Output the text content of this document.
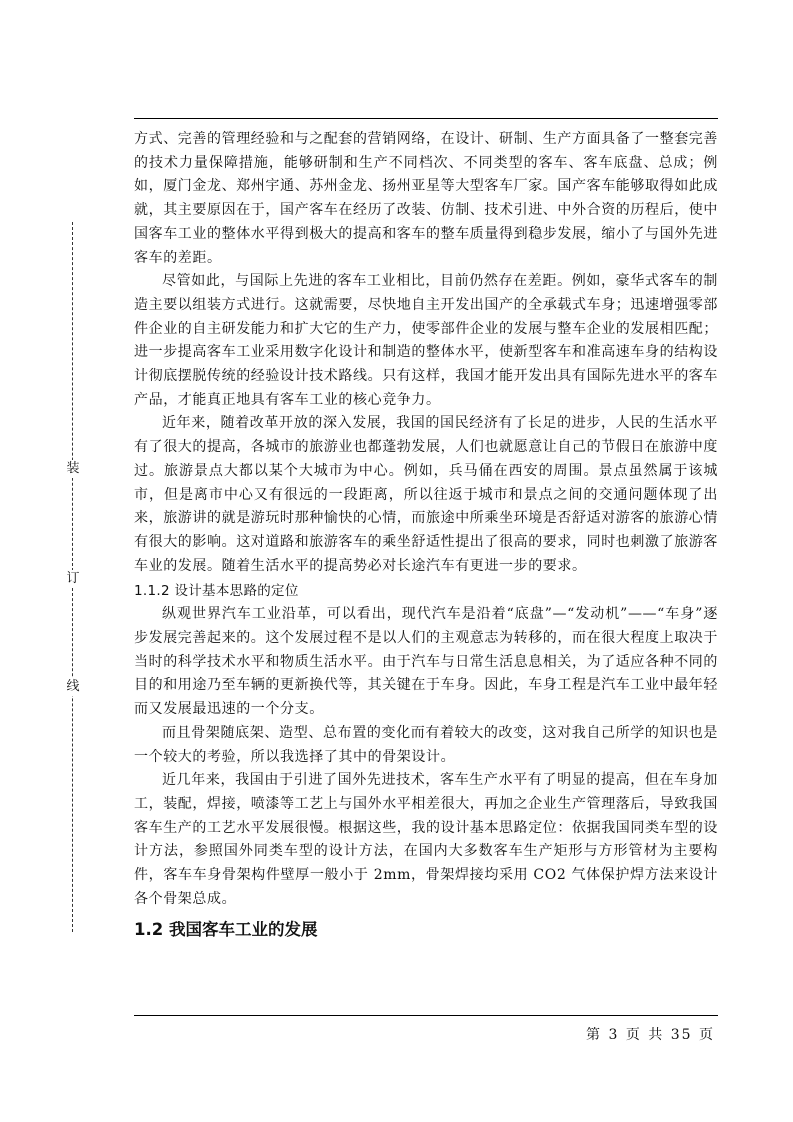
装
订
线

方式、完善的管理经验和与之配套的营销网络，在设计、研制、生产方面具备了一整套完善的技术力量保障措施，能够研制和生产不同档次、不同类型的客车、客车底盘、总成；例如，厦门金龙、郑州宇通、苏州金龙、扬州亚星等大型客车厂家。国产客车能够取得如此成就，其主要原因在于，国产客车在经历了改装、仿制、技术引进、中外合资的历程后，使中国客车工业的整体水平得到极大的提高和客车的整车质量得到稳步发展，缩小了与国外先进客车的差距。

尽管如此，与国际上先进的客车工业相比，目前仍然存在差距。例如，豪华式客车的制造主要以组装方式进行。这就需要，尽快地自主开发出国产的全承载式车身；迅速增强零部件企业的自主研发能力和扩大它的生产力，使零部件企业的发展与整车企业的发展相匹配；进一步提高客车工业采用数字化设计和制造的整体水平，使新型客车和准高速车身的结构设计彻底摆脱传统的经验设计技术路线。只有这样，我国才能开发出具有国际先进水平的客车产品，才能真正地具有客车工业的核心竞争力。

近年来，随着改革开放的深入发展，我国的国民经济有了长足的进步，人民的生活水平有了很大的提高，各城市的旅游业也都蓬勃发展，人们也就愿意让自己的节假日在旅游中度过。旅游景点大都以某个大城市为中心。例如，兵马俑在西安的周围。景点虽然属于该城市，但是离市中心又有很远的一段距离，所以往返于城市和景点之间的交通问题体现了出来，旅游讲的就是游玩时那种愉快的心情，而旅途中所乘坐环境是否舒适对游客的旅游心情有很大的影响。这对道路和旅游客车的乘坐舒适性提出了很高的要求，同时也刺激了旅游客车业的发展。随着生活水平的提高势必对长途汽车有更进一步的要求。

1.1.2 设计基本思路的定位

纵观世界汽车工业沿革，可以看出，现代汽车是沿着“底盘”—“发动机”——“车身”逐步发展完善起来的。这个发展过程不是以人们的主观意志为转移的，而在很大程度上取决于当时的科学技术水平和物质生活水平。由于汽车与日常生活息息相关，为了适应各种不同的目的和用途乃至车辆的更新换代等，其关键在于车身。因此，车身工程是汽车工业中最年轻而又发展最迅速的一个分支。

而且骨架随底架、造型、总布置的变化而有着较大的改变，这对我自己所学的知识也是一个较大的考验，所以我选择了其中的骨架设计。

近几年来，我国由于引进了国外先进技术，客车生产水平有了明显的提高，但在车身加工，装配，焊接，喷漆等工艺上与国外水平相差很大，再加之企业生产管理落后，导致我国客车生产的工艺水平发展很慢。根据这些，我的设计基本思路定位：依据我国同类车型的设计方法，参照国外同类车型的设计方法，在国内大多数客车生产矩形与方形管材为主要构件，客车车身骨架构件壁厚一般小于 2mm，骨架焊接均采用 CO2 气体保护焊方法来设计各个骨架总成。

1.2 我国客车工业的发展
第 3 页 共 35 页
